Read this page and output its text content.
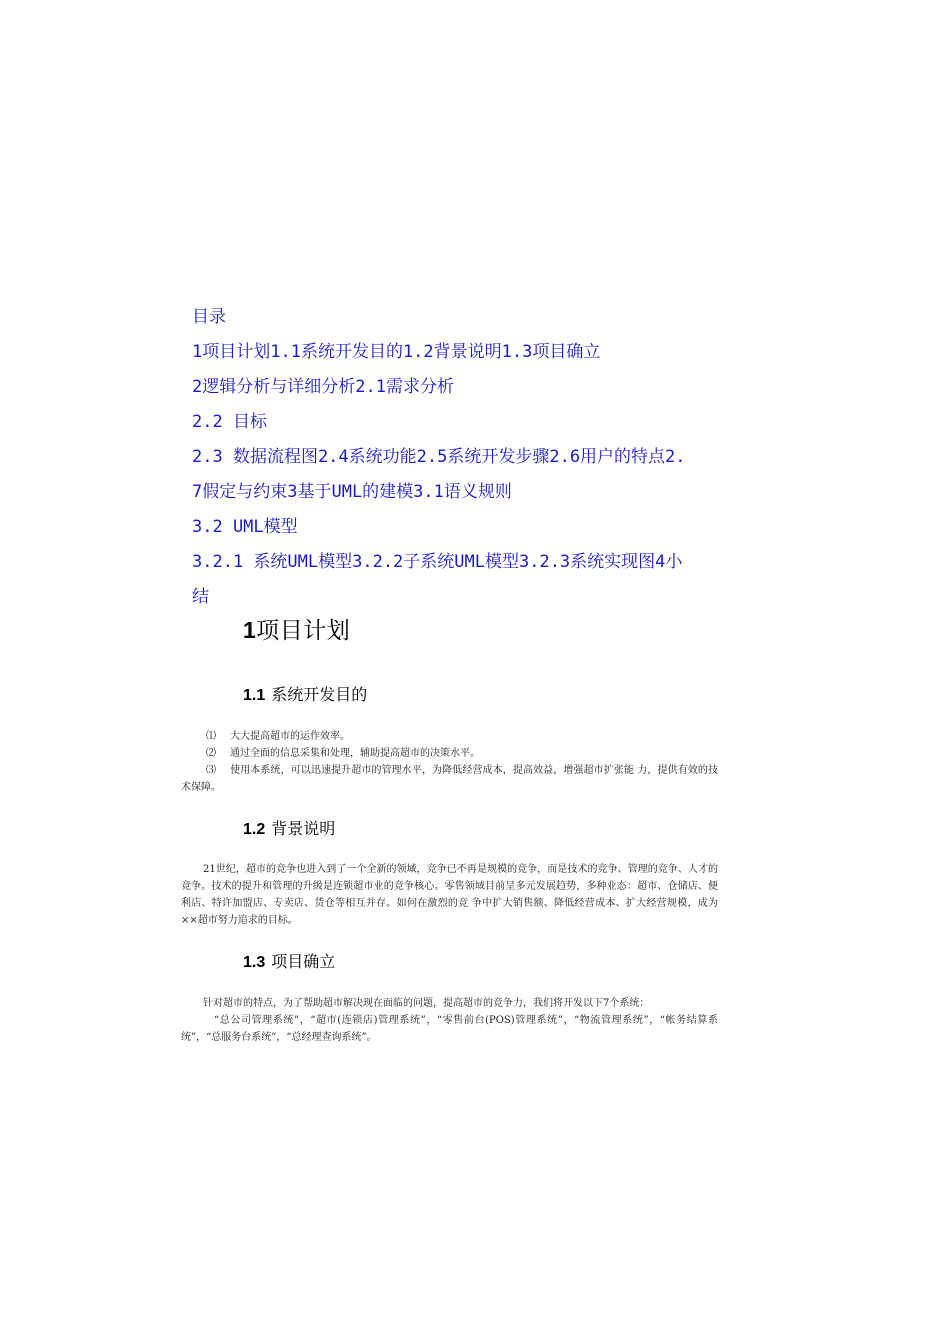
目录
1项目计划1.1系统开发目的1.2背景说明1.3项目确立
2逻辑分析与详细分析2.1需求分析
2.2 目标
2.3 数据流程图2.4系统功能2.5系统开发步骤2.6用户的特点2.
7假定与约束3基于UML的建模3.1语义规则
3.2 UML模型
3.2.1 系统UML模型3.2.2子系统UML模型3.2.3系统实现图4小
结
1项目计划
1.1 系统开发目的

⑴ 大大提高超市的运作效率。

⑵ 通过全面的信息采集和处理，辅助提高超市的决策水平。

⑶ 使用本系统，可以迅速提升超市的管理水平，为降低经营成本，提高效益，增强超市扩张能 力，提供有效的技术保障。

1.2 背景说明

21世纪，超市的竞争也进入到了一个全新的领域，竞争已不再是规模的竞争，而是技术的竞争、管理的竞争、人才的竞争。技术的提升和管理的升级是连锁超市业的竞争核心。零售领域目前呈多元发展趋势，多种业态：超市、仓储店、便利店、特许加盟店、专卖店、货仓等相互并存。如何在激烈的竞 争中扩大销售额、降低经营成本、扩大经营规模，成为××超市努力追求的目标。

1.3 项目确立

针对超市的特点，为了帮助超市解决现在面临的问题，提高超市的竞争力，我们将开发以下7个系统：

“总公司管理系统”，“超市(连锁店)管理系统”，“零售前台(POS)管理系统”，“物流管理系统”，“帐务结算系统”，“总服务台系统”，“总经理查询系统”。
